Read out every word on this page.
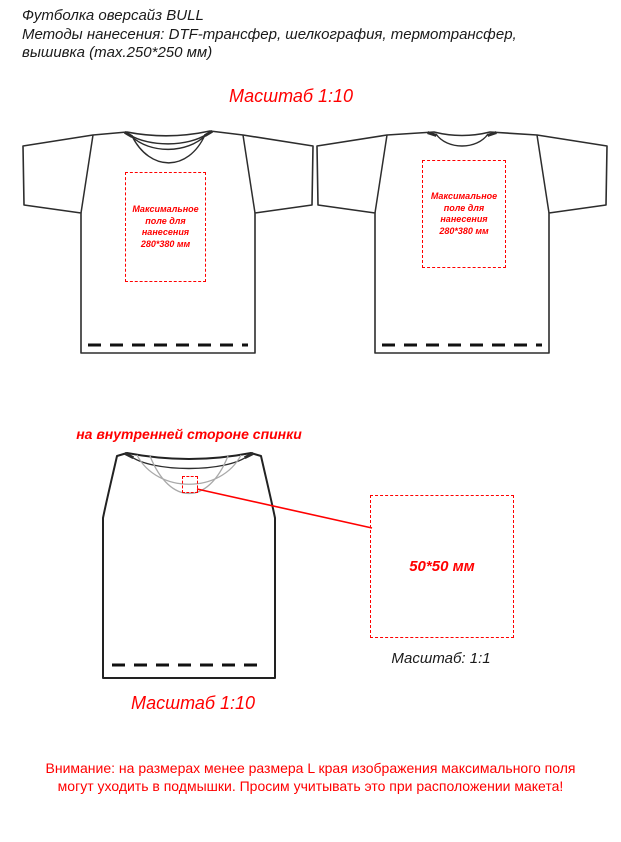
Футболка оверсайз BULL
Методы нанесения: DTF-трансфер, шелкография, термотрансфер,
вышивка (max.250*250 мм)
Масштаб 1:10
Максимальное
поле для
нанесения
280*380 мм
Максимальное
поле для
нанесения
280*380 мм
на внутренней стороне спинки
50*50 мм
Масштаб: 1:1
Масштаб 1:10
Внимание: на размерах менее размера L края изображения максимального поля
могут уходить в подмышки. Просим учитывать это при расположении макета!
